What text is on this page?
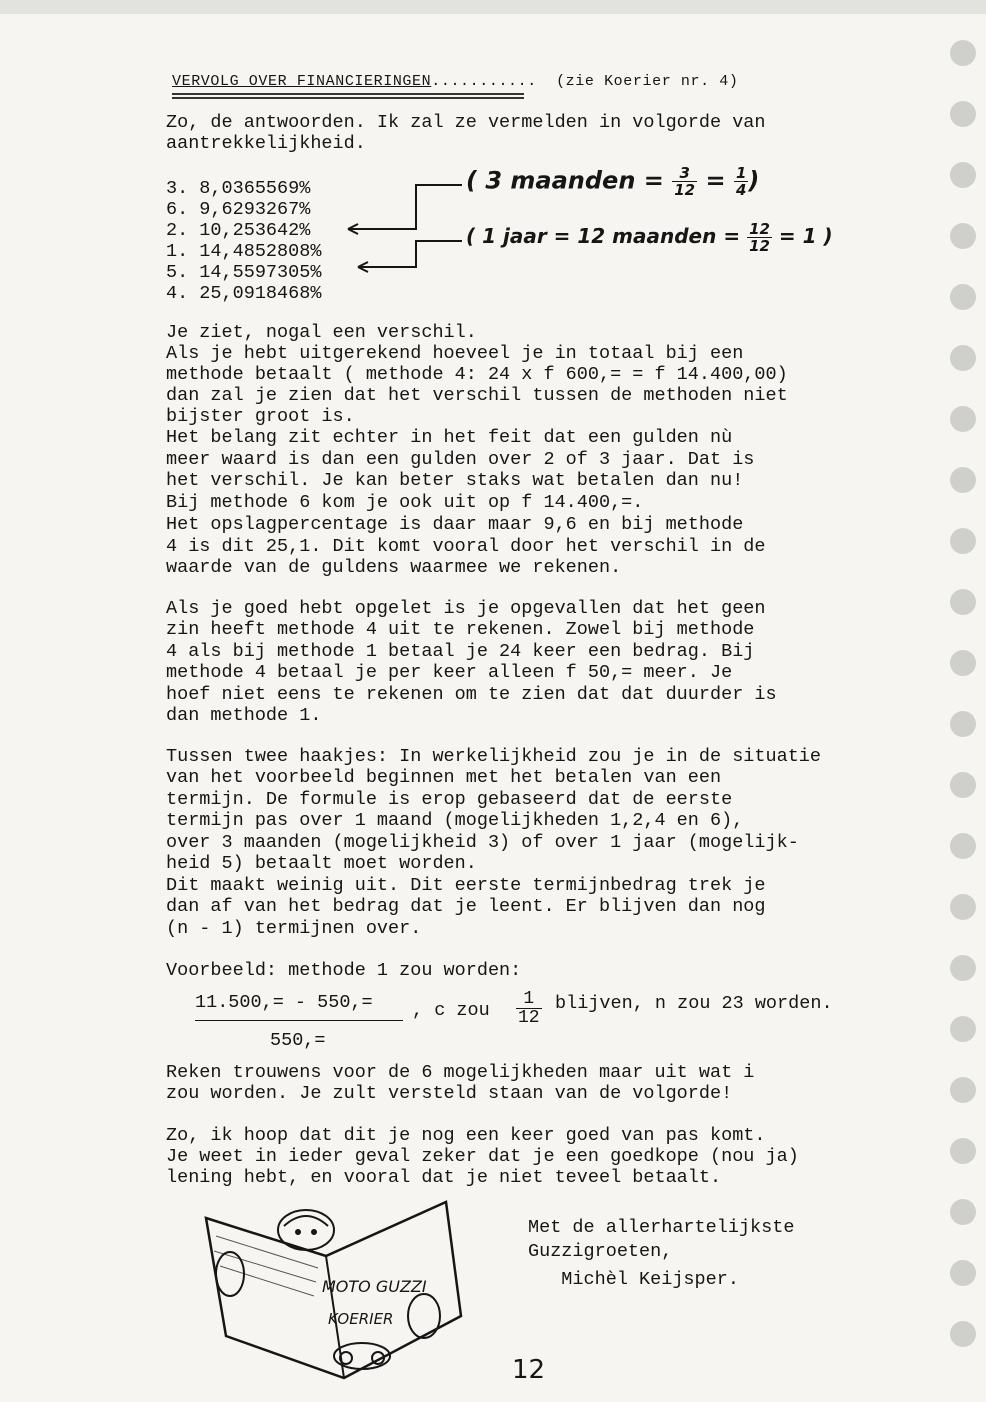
VERVOLG OVER FINANCIERINGEN........... (zie Koerier nr. 4)
Zo, de antwoorden. Ik zal ze vermelden in volgorde van
aantrekkelijkheid.
3. 8,0365569%
6. 9,6293267%
2. 10,253642%
1. 14,4852808%
5. 14,5597305%
4. 25,0918468%
( 3 maanden = $\frac{3}{12} = \frac{1}{4}$ )
( 1 jaar = 12 maanden = $\frac{12}{12} = 1$ )
Je ziet, nogal een verschil.
Als je hebt uitgerekend hoeveel je in totaal bij een
methode betaalt ( methode 4: 24 x f 600,= = f 14.400,00)
dan zal je zien dat het verschil tussen de methoden niet
bijster groot is.
Het belang zit echter in het feit dat een gulden nù
meer waard is dan een gulden over 2 of 3 jaar. Dat is
het verschil. Je kan beter staks wat betalen dan nu!
Bij methode 6 kom je ook uit op f 14.400,=.
Het opslagpercentage is daar maar 9,6 en bij methode
4 is dit 25,1. Dit komt vooral door het verschil in de
waarde van de guldens waarmee we rekenen.
Als je goed hebt opgelet is je opgevallen dat het geen
zin heeft methode 4 uit te rekenen. Zowel bij methode
4 als bij methode 1 betaal je 24 keer een bedrag. Bij
methode 4 betaal je per keer alleen f 50,= meer. Je
hoef niet eens te rekenen om te zien dat dat duurder is
dan methode 1.
Tussen twee haakjes: In werkelijkheid zou je in de situatie
van het voorbeeld beginnen met het betalen van een
termijn. De formule is erop gebaseerd dat de eerste
termijn pas over 1 maand (mogelijkheden 1,2,4 en 6),
over 3 maanden (mogelijkheid 3) of over 1 jaar (mogelijk-
heid 5) betaalt moet worden.
Dit maakt weinig uit. Dit eerste termijnbedrag trek je
dan af van het bedrag dat je leent. Er blijven dan nog
(n - 1) termijnen over.
Voorbeeld: methode 1 zou worden:
11.500,= - 550,=
550,=
, c zou $\frac{1}{12}$ blijven, n zou 23 worden.
Reken trouwens voor de 6 mogelijkheden maar uit wat i
zou worden. Je zult versteld staan van de volgorde!
Zo, ik hoop dat dit je nog een keer goed van pas komt.
Je weet in ieder geval zeker dat je een goedkope (nou ja)
lening hebt, en vooral dat je niet teveel betaalt.
MOTO GUZZI
KOERIER
Met de allerhartelijkste
Guzzigroeten,
Michèl Keijsper.
12
